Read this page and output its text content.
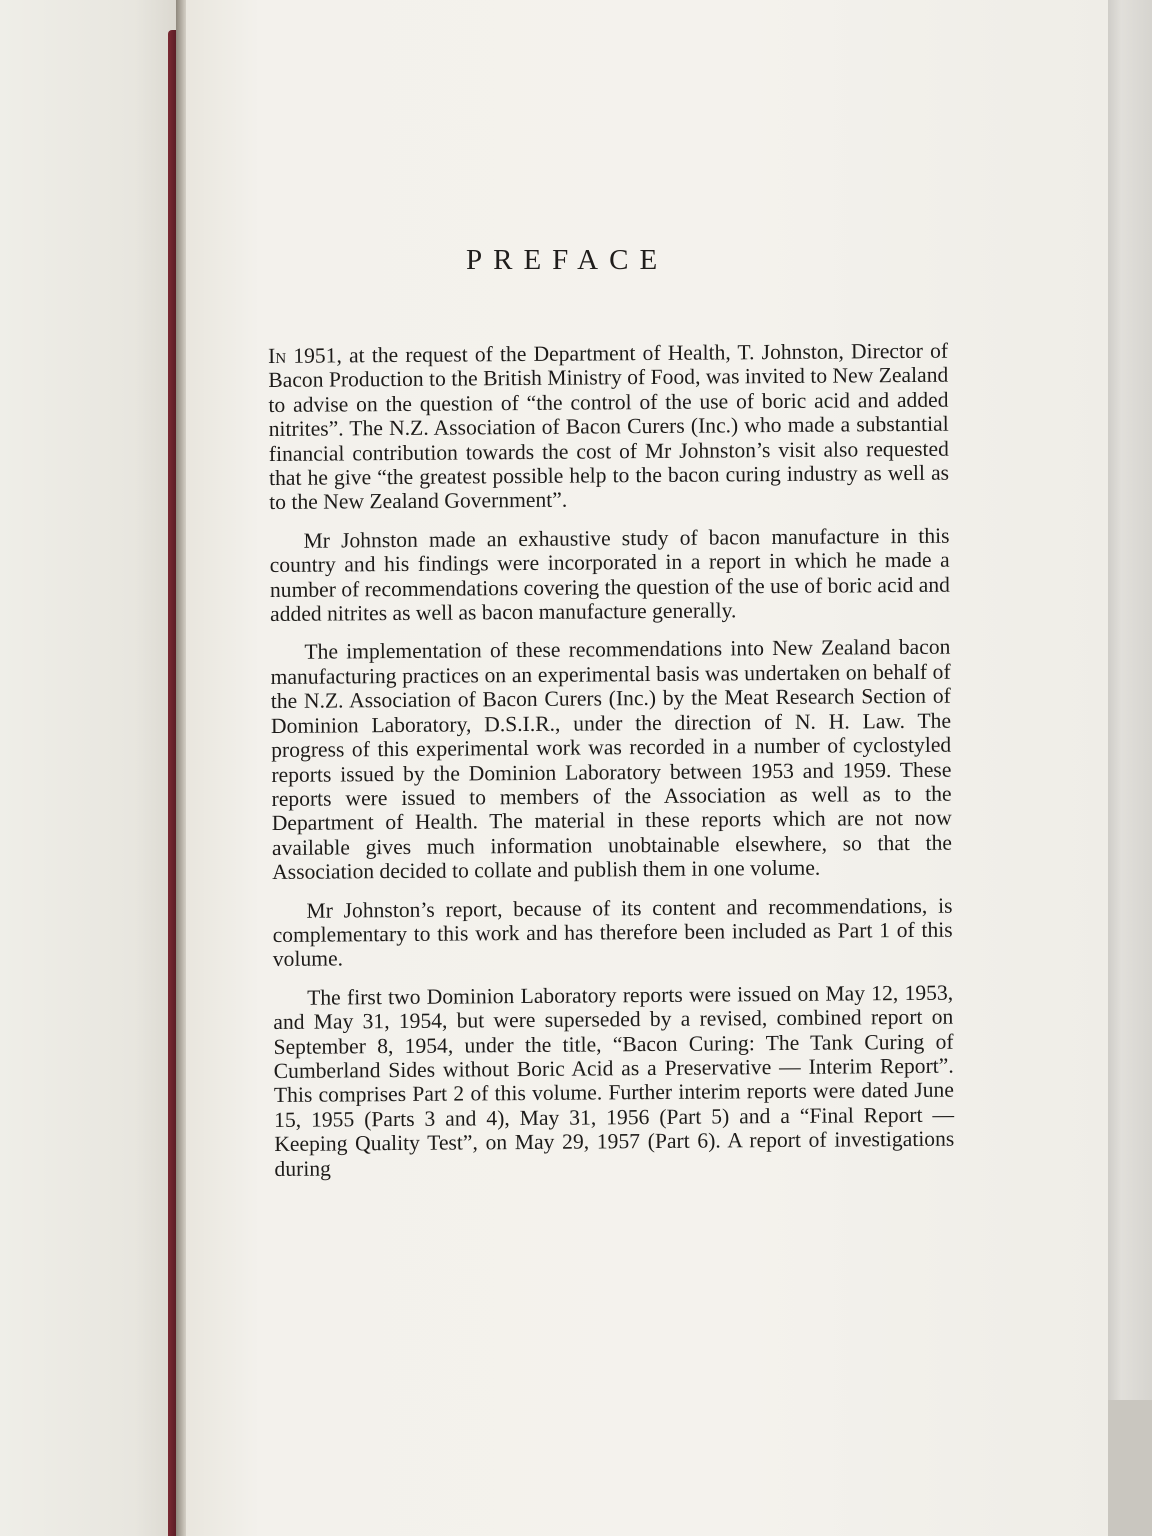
PREFACE

In 1951, at the request of the Department of Health, T. Johnston, Director of Bacon Production to the British Ministry of Food, was invited to New Zealand to advise on the question of “the control of the use of boric acid and added nitrites”. The N.Z. Association of Bacon Curers (Inc.) who made a substantial financial contribution towards the cost of Mr Johnston’s visit also requested that he give “the greatest possible help to the bacon curing industry as well as to the New Zealand Government”.

Mr Johnston made an exhaustive study of bacon manufacture in this country and his findings were incorporated in a report in which he made a number of recommendations covering the question of the use of boric acid and added nitrites as well as bacon manufacture generally.

The implementation of these recommendations into New Zealand bacon manufacturing practices on an experimental basis was undertaken on behalf of the N.Z. Association of Bacon Curers (Inc.) by the Meat Research Section of Dominion Laboratory, D.S.I.R., under the direction of N. H. Law. The progress of this experimental work was recorded in a number of cyclostyled reports issued by the Dominion Laboratory between 1953 and 1959. These reports were issued to members of the Association as well as to the Department of Health. The material in these reports which are not now available gives much information unobtainable elsewhere, so that the Association decided to collate and publish them in one volume.

Mr Johnston’s report, because of its content and recommendations, is complementary to this work and has therefore been included as Part 1 of this volume.

The first two Dominion Laboratory reports were issued on May 12, 1953, and May 31, 1954, but were superseded by a revised, combined report on September 8, 1954, under the title, “Bacon Curing: The Tank Curing of Cumberland Sides without Boric Acid as a Preservative — Interim Report”. This comprises Part 2 of this volume. Further interim reports were dated June 15, 1955 (Parts 3 and 4), May 31, 1956 (Part 5) and a “Final Report — Keeping Quality Test”, on May 29, 1957 (Part 6). A report of investigations during
